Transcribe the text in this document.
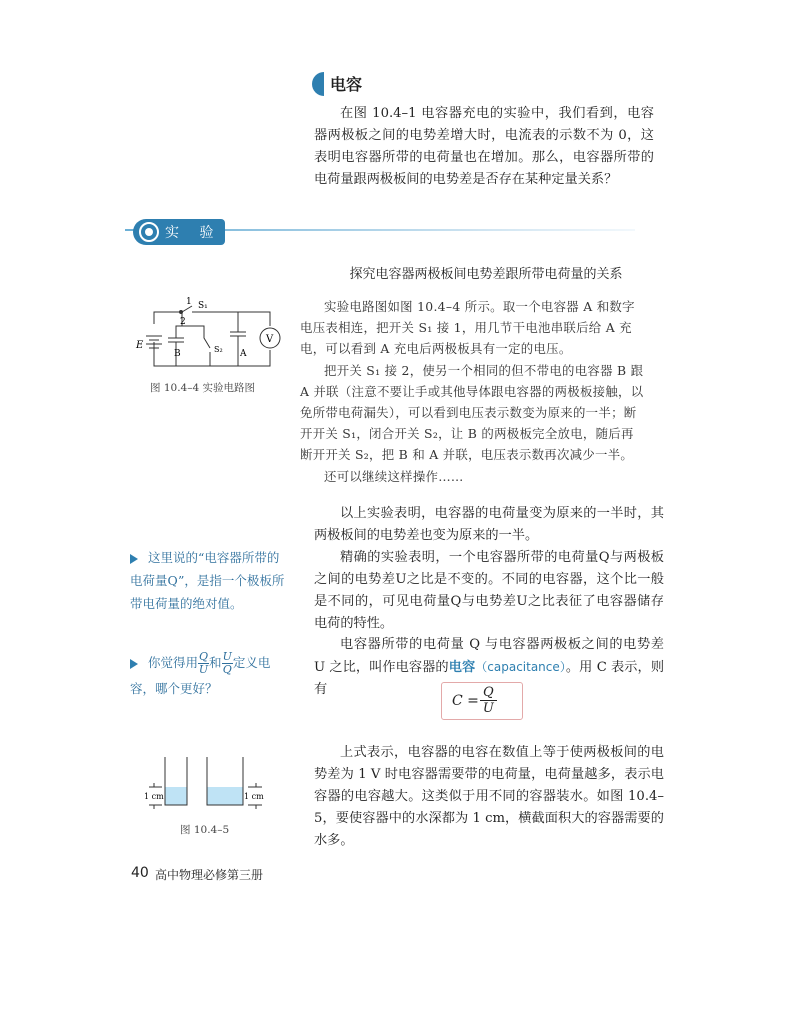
电容

在图 10.4–1 电容器充电的实验中，我们看到，电容器两极板之间的电势差增大时，电流表的示数不为 0，这表明电容器所带的电荷量也在增加。那么，电容器所带的电荷量跟两极板间的电势差是否存在某种定量关系？

实 验
探究电容器两极板间电势差跟所带电荷量的关系
E
1
2
S₁
S₂
B	A
V
图 10.4–4 实验电路图

实验电路图如图 10.4–4 所示。取一个电容器 A 和数字电压表相连，把开关 S₁ 接 1，用几节干电池串联后给 A 充电，可以看到 A 充电后两极板具有一定的电压。

把开关 S₁ 接 2，使另一个相同的但不带电的电容器 B 跟 A 并联（注意不要让手或其他导体跟电容器的两极板接触，以免所带电荷漏失），可以看到电压表示数变为原来的一半；断开开关 S₁，闭合开关 S₂，让 B 的两极板完全放电，随后再断开开关 S₂，把 B 和 A 并联，电压表示数再次减少一半。

还可以继续这样操作……

以上实验表明，电容器的电荷量变为原来的一半时，其两极板间的电势差也变为原来的一半。

精确的实验表明，一个电容器所带的电荷量Q与两极板之间的电势差U之比是不变的。不同的电容器，这个比一般是不同的，可见电荷量Q与电势差U之比表征了电容器储存电荷的特性。

电容器所带的电荷量 Q 与电容器两极板之间的电势差 U 之比，叫作电容器的电容（capacitance）。用 C 表示，则有

$C = \frac{Q}{U}$

上式表示，电容器的电容在数值上等于使两极板间的电势差为 1 V 时电容器需要带的电荷量，电荷量越多，表示电容器的电容越大。这类似于用不同的容器装水。如图 10.4–5，要使容器中的水深都为 1 cm，横截面积大的容器需要的水多。

这里说的“电容器所带的电荷量Q”，是指一个极板所带电荷量的绝对值。

你觉得用 $\frac{Q}{U}$ 和 $\frac{U}{Q}$ 定义电容，哪个更好？

1 cm	1 cm
图 10.4–5
40 高中物理必修第三册
